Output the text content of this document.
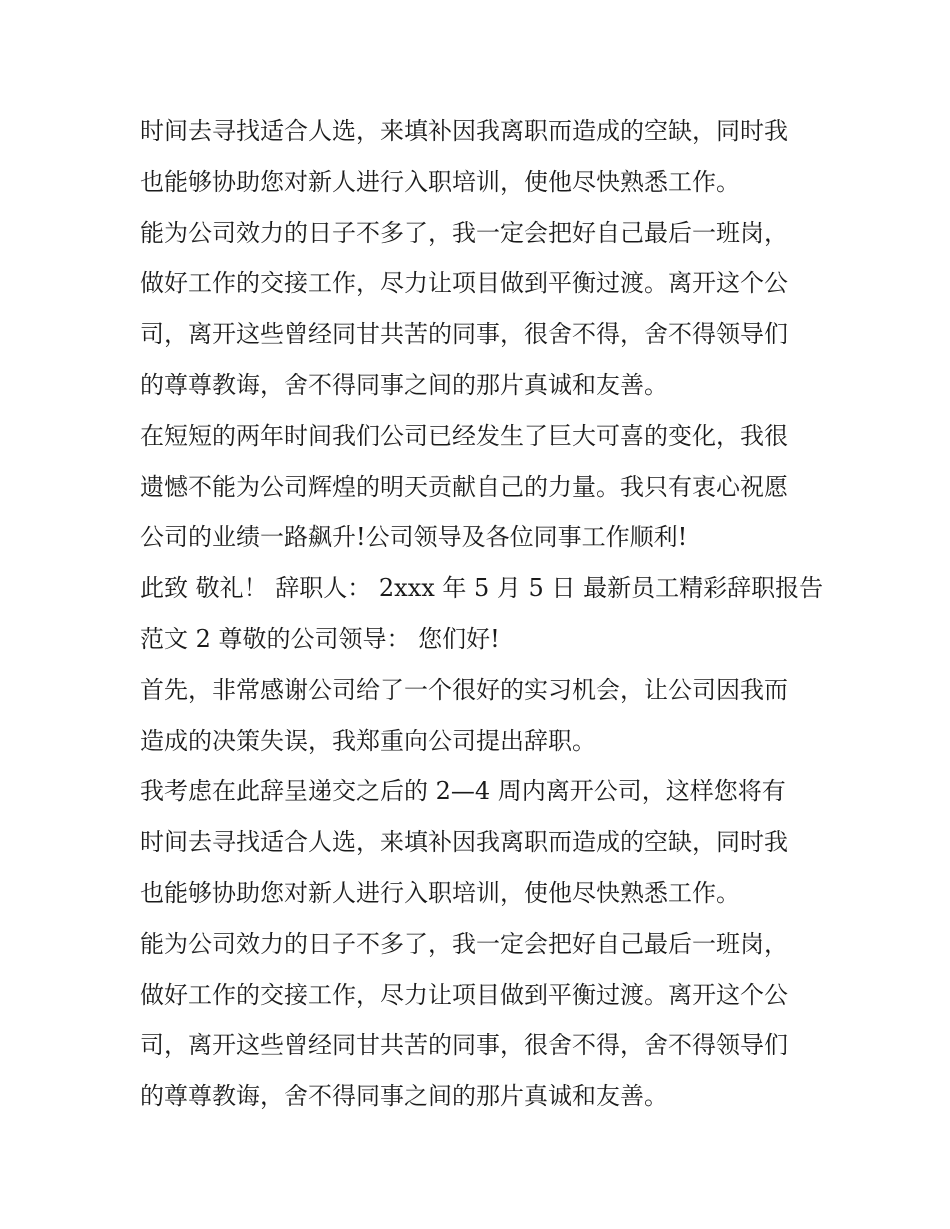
时间去寻找适合人选，来填补因我离职而造成的空缺，同时我
也能够协助您对新人进行入职培训，使他尽快熟悉工作。
能为公司效力的日子不多了，我一定会把好自己最后一班岗，
做好工作的交接工作，尽力让项目做到平衡过渡。离开这个公
司，离开这些曾经同甘共苦的同事，很舍不得，舍不得领导们
的尊尊教诲，舍不得同事之间的那片真诚和友善。
在短短的两年时间我们公司已经发生了巨大可喜的变化，我很
遗憾不能为公司辉煌的明天贡献自己的力量。我只有衷心祝愿
公司的业绩一路飙升!公司领导及各位同事工作顺利!
此致 敬礼！ 辞职人： 2xxx 年 5 月 5 日 最新员工精彩辞职报告
范文 2 尊敬的公司领导： 您们好!
首先，非常感谢公司给了一个很好的实习机会，让公司因我而
造成的决策失误，我郑重向公司提出辞职。
我考虑在此辞呈递交之后的 2—4 周内离开公司，这样您将有
时间去寻找适合人选，来填补因我离职而造成的空缺，同时我
也能够协助您对新人进行入职培训，使他尽快熟悉工作。
能为公司效力的日子不多了，我一定会把好自己最后一班岗，
做好工作的交接工作，尽力让项目做到平衡过渡。离开这个公
司，离开这些曾经同甘共苦的同事，很舍不得，舍不得领导们
的尊尊教诲，舍不得同事之间的那片真诚和友善。
